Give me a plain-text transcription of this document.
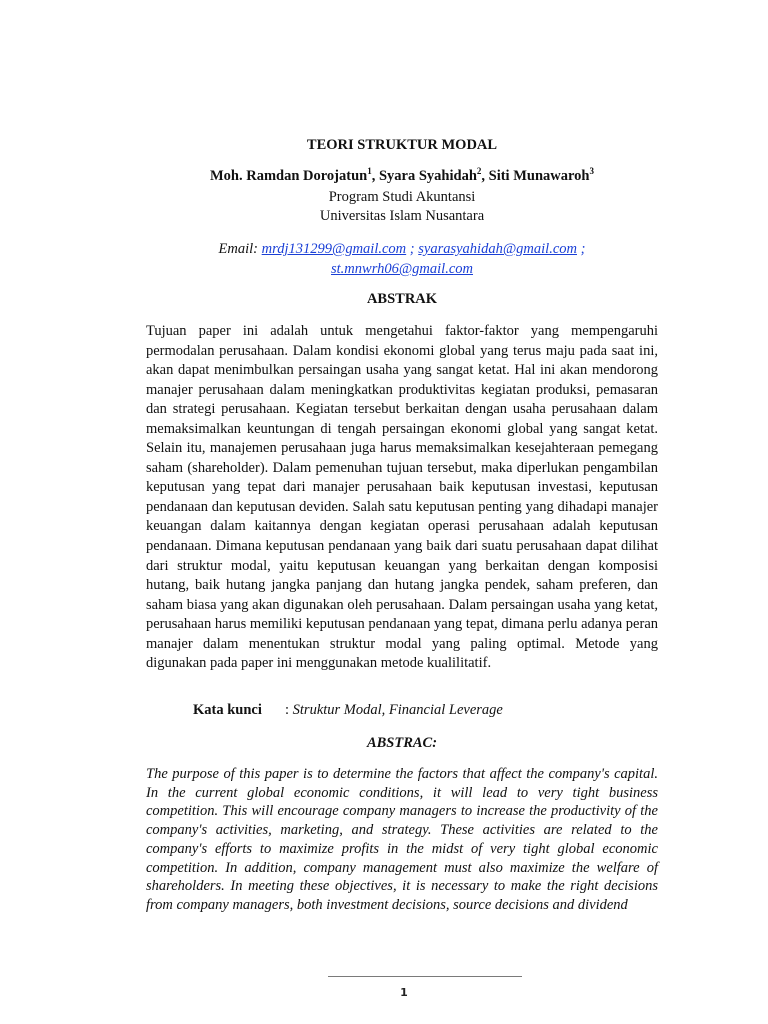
TEORI STRUKTUR MODAL
Moh. Ramdan Dorojatun$^1$, Syara Syahidah$^2$, Siti Munawaroh$^3$
Program Studi Akuntansi
Universitas Islam Nusantara
Email: mrdj131299@gmail.com ; syarasyahidah@gmail.com ;
st.mnwrh06@gmail.com
ABSTRAK
Tujuan paper ini adalah untuk mengetahui faktor-faktor yang mempengaruhi permodalan perusahaan. Dalam kondisi ekonomi global yang terus maju pada saat ini, akan dapat menimbulkan persaingan usaha yang sangat ketat. Hal ini akan mendorong manajer perusahaan dalam meningkatkan produktivitas kegiatan produksi, pemasaran dan strategi perusahaan. Kegiatan tersebut berkaitan dengan usaha perusahaan dalam memaksimalkan keuntungan di tengah persaingan ekonomi global yang sangat ketat. Selain itu, manajemen perusahaan juga harus memaksimalkan kesejahteraan pemegang saham (shareholder). Dalam pemenuhan tujuan tersebut, maka diperlukan pengambilan keputusan yang tepat dari manajer perusahaan baik keputusan investasi, keputusan pendanaan dan keputusan deviden. Salah satu keputusan penting yang dihadapi manajer keuangan dalam kaitannya dengan kegiatan operasi perusahaan adalah keputusan pendanaan. Dimana keputusan pendanaan yang baik dari suatu perusahaan dapat dilihat dari struktur modal, yaitu keputusan keuangan yang berkaitan dengan komposisi hutang, baik hutang jangka panjang dan hutang jangka pendek, saham preferen, dan saham biasa yang akan digunakan oleh perusahaan. Dalam persaingan usaha yang ketat, perusahaan harus memiliki keputusan pendanaan yang tepat, dimana perlu adanya peran manajer dalam menentukan struktur modal yang paling optimal. Metode yang digunakan pada paper ini menggunakan metode kualilitatif.
Kata kunci : Struktur Modal, Financial Leverage
ABSTRAC:
The purpose of this paper is to determine the factors that affect the company's capital. In the current global economic conditions, it will lead to very tight business competition. This will encourage company managers to increase the productivity of the company's activities, marketing, and strategy. These activities are related to the company's efforts to maximize profits in the midst of very tight global economic competition. In addition, company management must also maximize the welfare of shareholders. In meeting these objectives, it is necessary to make the right decisions from company managers, both investment decisions, source decisions and dividend
1
